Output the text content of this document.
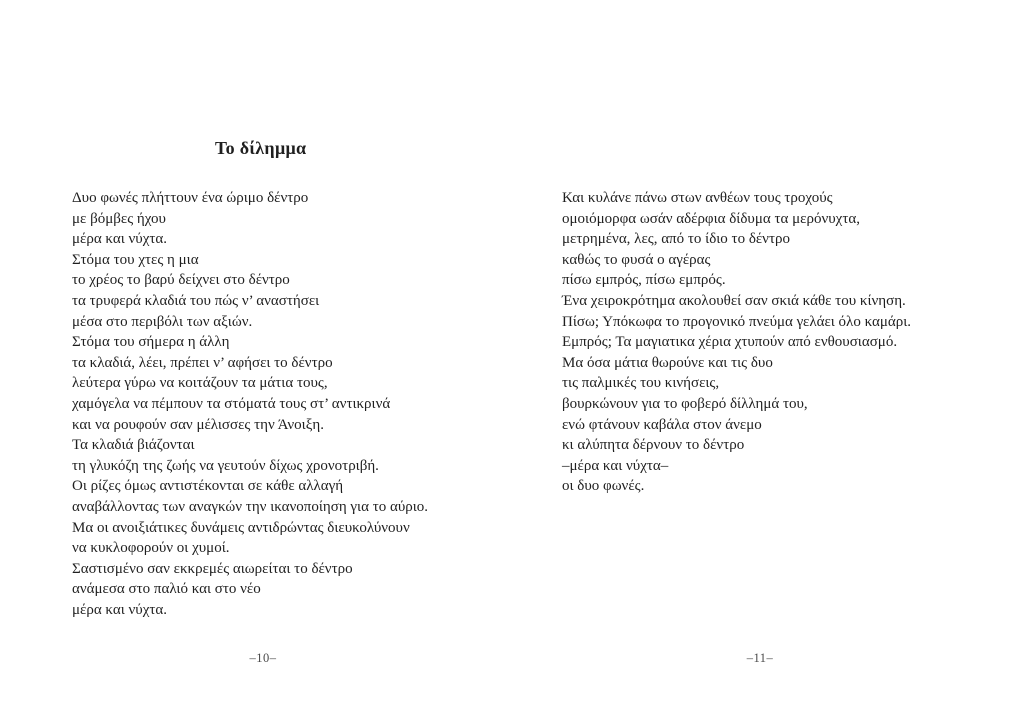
Το δίλημμα
Δυο φωνές πλήττουν ένα ώριμο δέντρο
με βόμβες ήχου
μέρα και νύχτα.
Στόμα του χτες η μια
το χρέος το βαρύ δείχνει στο δέντρο
τα τρυφερά κλαδιά του πώς ν’ αναστήσει
μέσα στο περιβόλι των αξιών.
Στόμα του σήμερα η άλλη
τα κλαδιά, λέει, πρέπει ν’ αφήσει το δέντρο
λεύτερα γύρω να κοιτάζουν τα μάτια τους,
χαμόγελα να πέμπουν τα στόματά τους στ’ αντικρινά
και να ρουφούν σαν μέλισσες την Άνοιξη.
Τα κλαδιά βιάζονται
τη γλυκόζη της ζωής να γευτούν δίχως χρονοτριβή.
Οι ρίζες όμως αντιστέκονται σε κάθε αλλαγή
αναβάλλοντας των αναγκών την ικανοποίηση για το αύριο.
Μα οι ανοιξιάτικες δυνάμεις αντιδρώντας διευκολύνουν
να κυκλοφορούν οι χυμοί.
Σαστισμένο σαν εκκρεμές αιωρείται το δέντρο
ανάμεσα στο παλιό και στο νέο
μέρα και νύχτα.
Και κυλάνε πάνω στων ανθέων τους τροχούς
ομοιόμορφα ωσάν αδέρφια δίδυμα τα μερόνυχτα,
μετρημένα, λες, από το ίδιο το δέντρο
καθώς το φυσά ο αγέρας
πίσω εμπρός, πίσω εμπρός.
Ένα χειροκρότημα ακολουθεί σαν σκιά κάθε του κίνηση.
Πίσω; Υπόκωφα το προγονικό πνεύμα γελάει όλο καμάρι.
Εμπρός; Τα μαγιατικα χέρια χτυπούν από ενθουσιασμό.
Μα όσα μάτια θωρούνε και τις δυο
τις παλμικές του κινήσεις,
βουρκώνουν για το φοβερό δίλλημά του,
ενώ φτάνουν καβάλα στον άνεμο
κι αλύπητα δέρνουν το δέντρο
–μέρα και νύχτα–
οι δυο φωνές.
–10–	–11–
